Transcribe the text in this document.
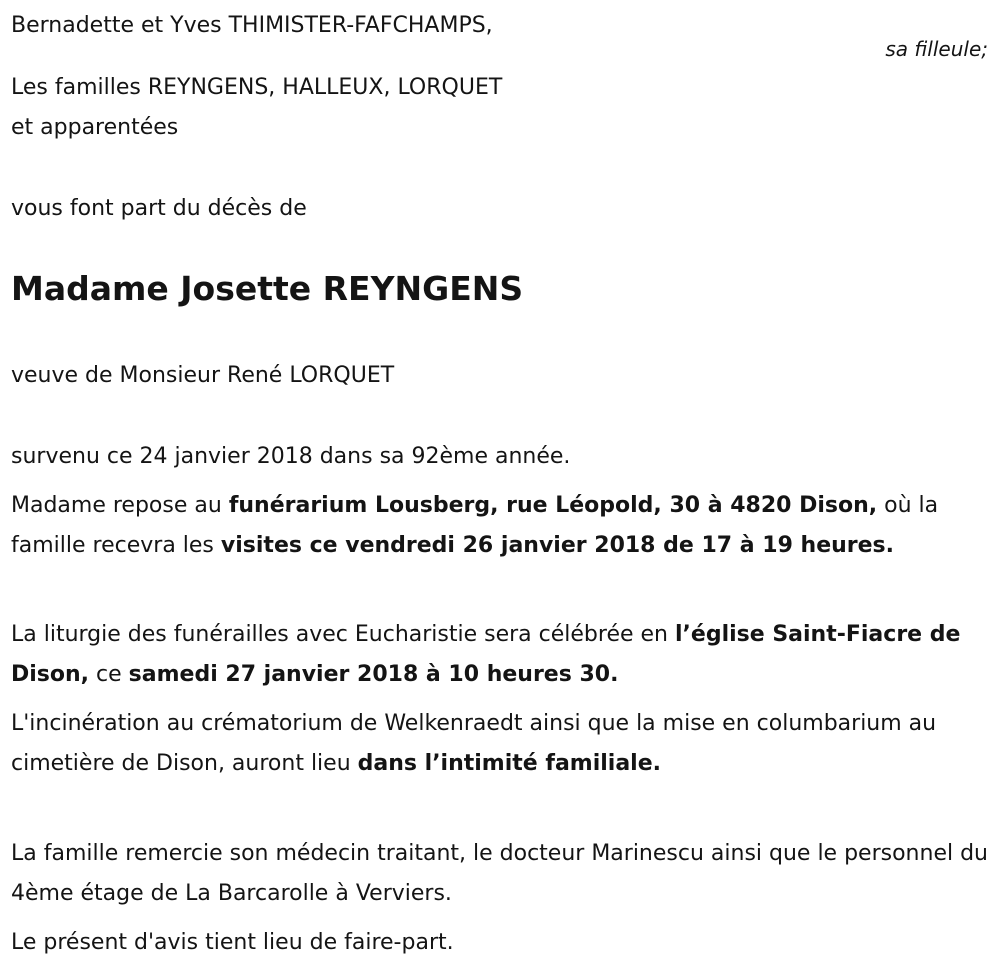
Bernadette et Yves THIMISTER-FAFCHAMPS,

sa filleule;

Les familles REYNGENS, HALLEUX, LORQUET

et apparentées

vous font part du décès de

Madame Josette REYNGENS

veuve de Monsieur René LORQUET

survenu ce 24 janvier 2018 dans sa 92ème année.

Madame repose au funérarium Lousberg, rue Léopold, 30 à 4820 Dison, où la famille recevra les visites ce vendredi 26 janvier 2018 de 17 à 19 heures.

La liturgie des funérailles avec Eucharistie sera célébrée en l’église Saint-Fiacre de Dison, ce samedi 27 janvier 2018 à 10 heures 30.

L'incinération au crématorium de Welkenraedt ainsi que la mise en columbarium au cimetière de Dison, auront lieu dans l’intimité familiale.

La famille remercie son médecin traitant, le docteur Marinescu ainsi que le personnel du 4ème étage de La Barcarolle à Verviers.

Le présent d'avis tient lieu de faire-part.
